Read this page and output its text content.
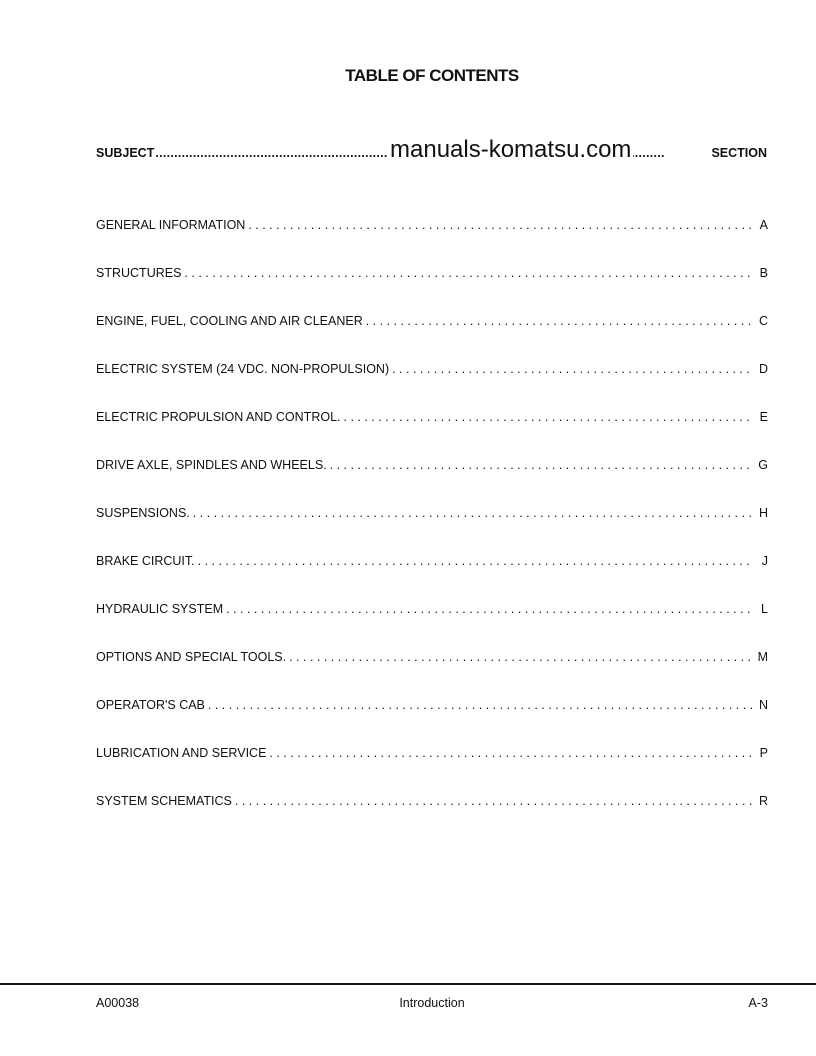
TABLE OF CONTENTS
SUBJECT . . .	SECTION
manuals-komatsu.com
GENERAL INFORMATION . . .	A
STRUCTURES . . .	B
ENGINE, FUEL, COOLING AND AIR CLEANER . . .	C
ELECTRIC SYSTEM (24 VDC. NON-PROPULSION) . . .	D
ELECTRIC PROPULSION AND CONTROL. . . .	E
DRIVE AXLE, SPINDLES AND WHEELS. . . .	G
SUSPENSIONS. . . .	H
BRAKE CIRCUIT. . . .	J
HYDRAULIC SYSTEM . . .	L
OPTIONS AND SPECIAL TOOLS. . . .	M
OPERATOR'S CAB . . .	N
LUBRICATION AND SERVICE . . .	P
SYSTEM SCHEMATICS . . .	R
A00038	Introduction	A-3
